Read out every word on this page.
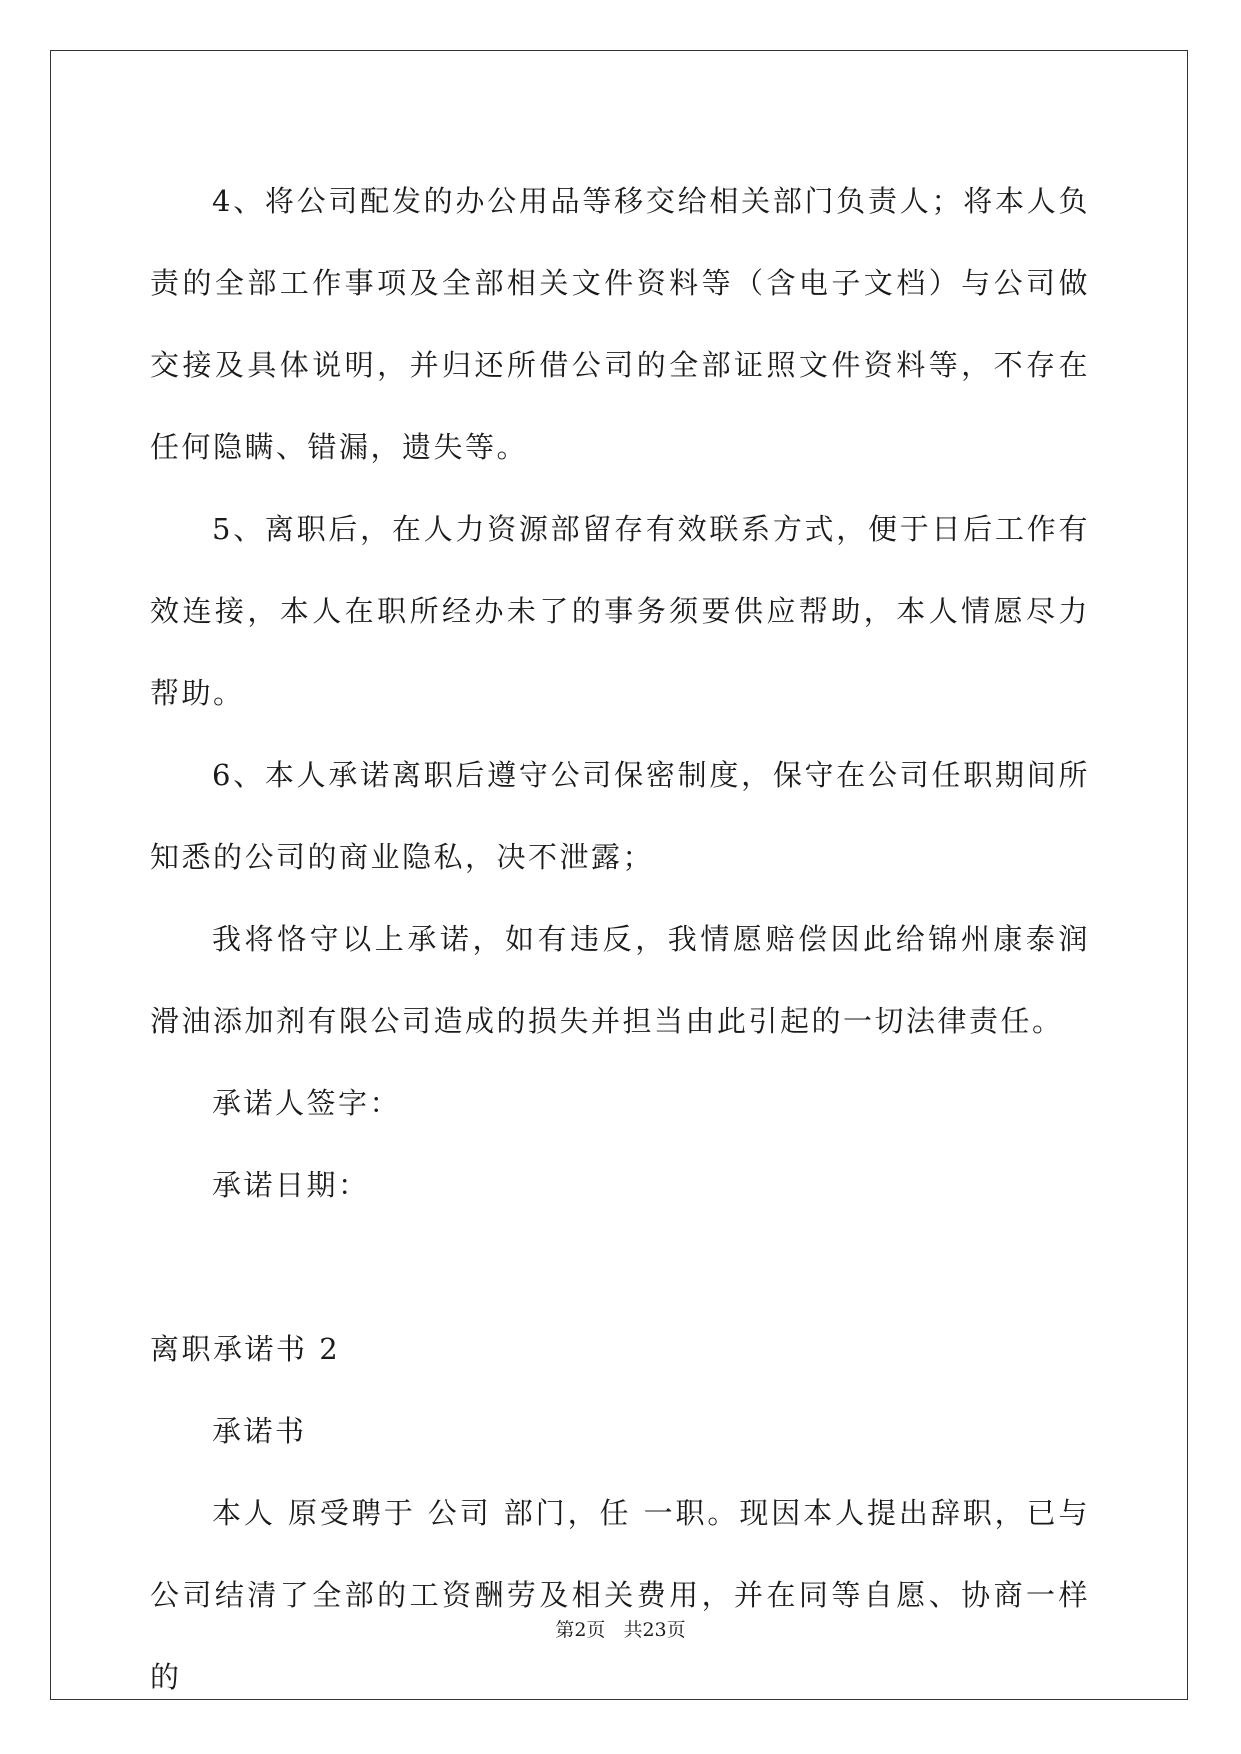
4、将公司配发的办公用品等移交给相关部门负责人；将本人负责的全部工作事项及全部相关文件资料等（含电子文档）与公司做交接及具体说明，并归还所借公司的全部证照文件资料等，不存在任何隐瞒、错漏，遗失等。

5、离职后，在人力资源部留存有效联系方式，便于日后工作有效连接，本人在职所经办未了的事务须要供应帮助，本人情愿尽力帮助。

6、本人承诺离职后遵守公司保密制度，保守在公司任职期间所知悉的公司的商业隐私，决不泄露；

我将恪守以上承诺，如有违反，我情愿赔偿因此给锦州康泰润滑油添加剂有限公司造成的损失并担当由此引起的一切法律责任。

承诺人签字：

承诺日期：

离职承诺书 2

承诺书

本人 原受聘于 公司 部门，任 一职。现因本人提出辞职，已与公司结清了全部的工资酬劳及相关费用，并在同等自愿、协商一样的

第2页 共23页
